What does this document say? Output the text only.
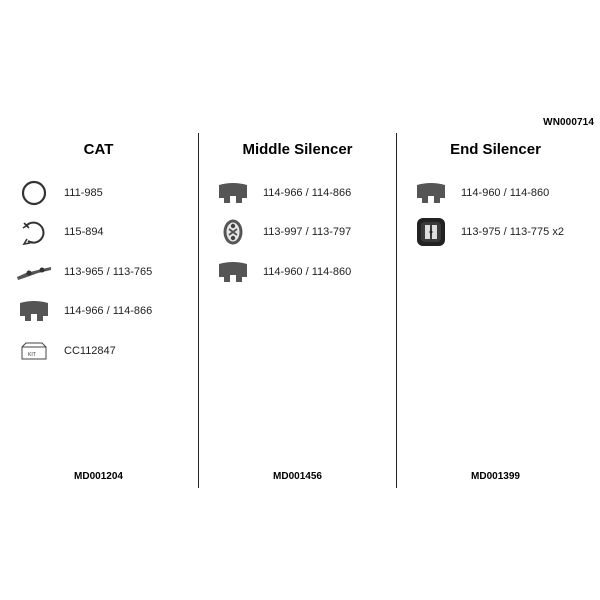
WN000714
CAT
111-985
115-894
113-965 / 113-765
114-966 / 114-866
KIT	CC112847
MD001204
Middle Silencer
114-966 / 114-866
113-997 / 113-797
114-960 / 114-860
MD001456
End Silencer
114-960 / 114-860
113-975 / 113-775 x2
MD001399
